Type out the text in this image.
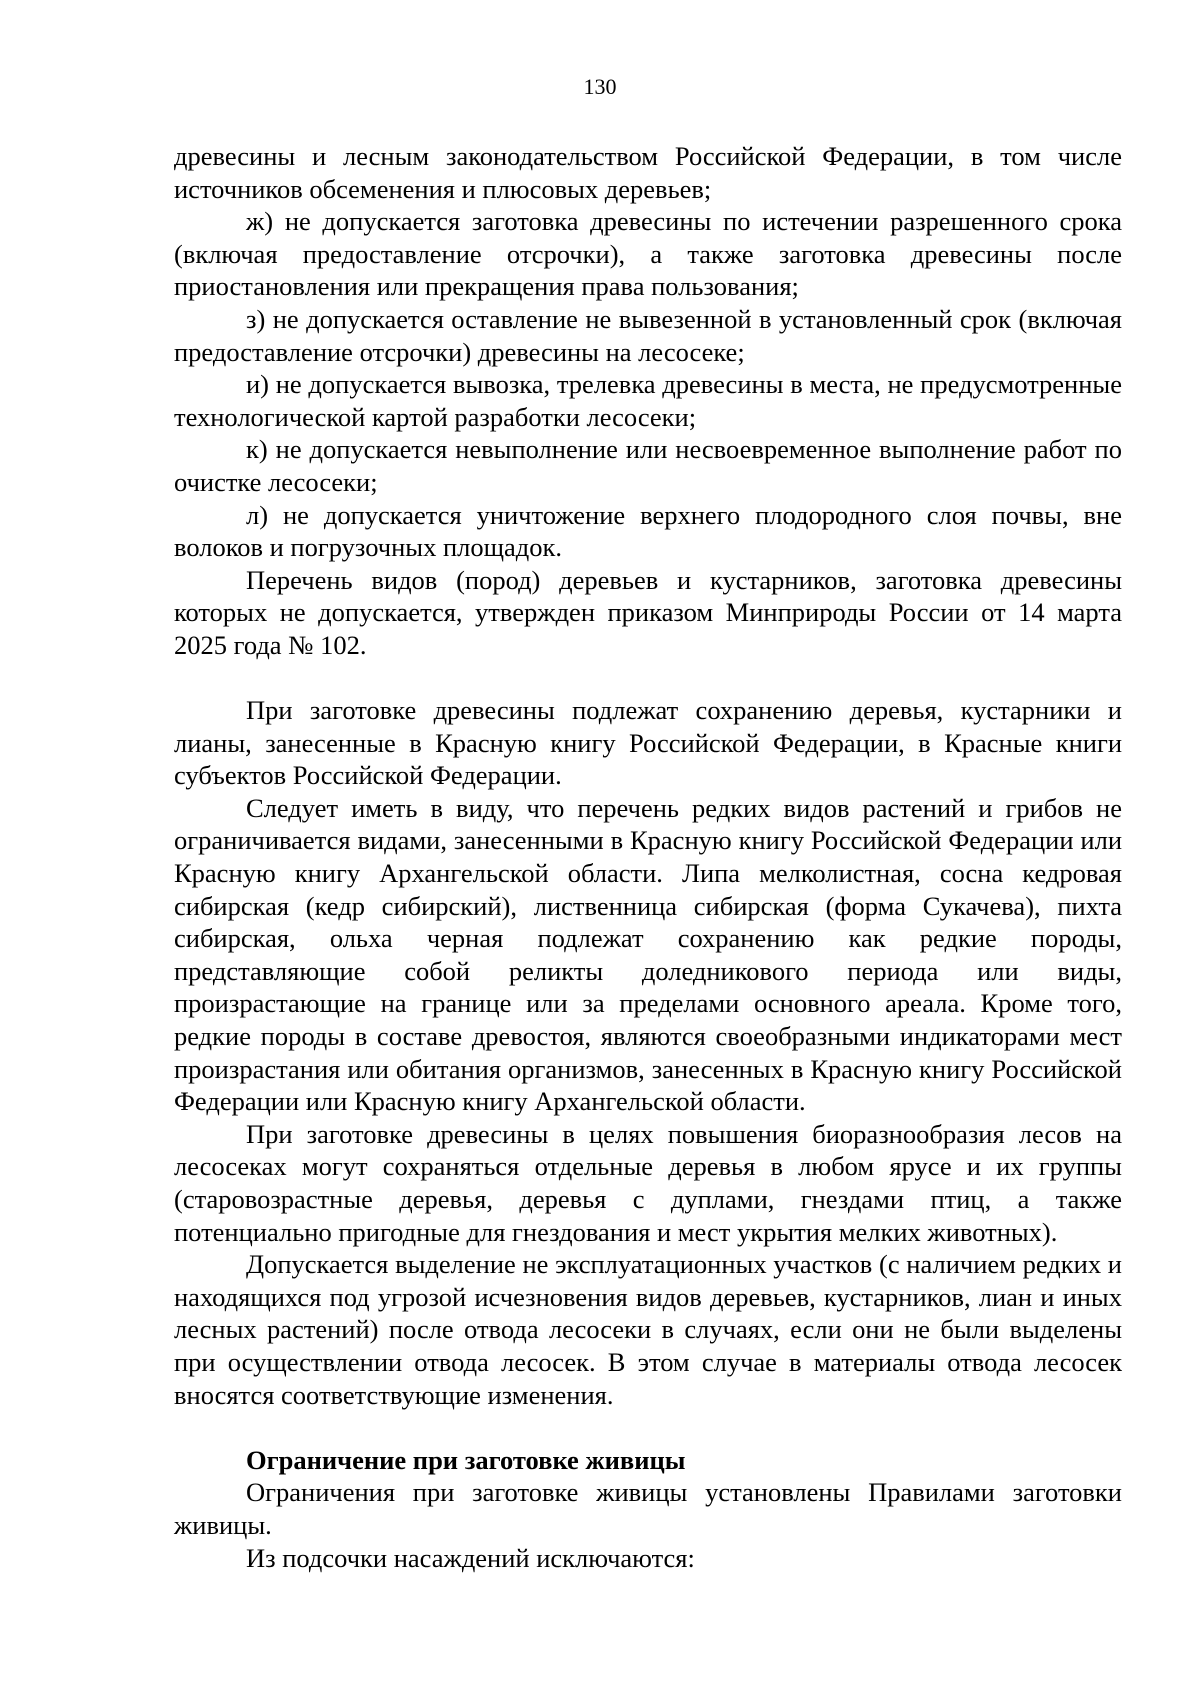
130

древесины и лесным законодательством Российской Федерации, в том числе источников обсеменения и плюсовых деревьев;

ж) не допускается заготовка древесины по истечении разрешенного срока (включая предоставление отсрочки), а также заготовка древесины после приостановления или прекращения права пользования;

з) не допускается оставление не вывезенной в установленный срок (включая предоставление отсрочки) древесины на лесосеке;

и) не допускается вывозка, трелевка древесины в места, не предусмотренные технологической картой разработки лесосеки;

к) не допускается невыполнение или несвоевременное выполнение работ по очистке лесосеки;

л) не допускается уничтожение верхнего плодородного слоя почвы, вне волоков и погрузочных площадок.

Перечень видов (пород) деревьев и кустарников, заготовка древесины которых не допускается, утвержден приказом Минприроды России от 14 марта 2025 года № 102.

При заготовке древесины подлежат сохранению деревья, кустарники и лианы, занесенные в Красную книгу Российской Федерации, в Красные книги субъектов Российской Федерации.

Следует иметь в виду, что перечень редких видов растений и грибов не ограничивается видами, занесенными в Красную книгу Российской Федерации или Красную книгу Архангельской области. Липа мелколистная, сосна кедровая сибирская (кедр сибирский), лиственница сибирская (форма Сукачева), пихта сибирская, ольха черная подлежат сохранению как редкие породы, представляющие собой реликты доледникового периода или виды, произрастающие на границе или за пределами основного ареала. Кроме того, редкие породы в составе древостоя, являются своеобразными индикаторами мест произрастания или обитания организмов, занесенных в Красную книгу Российской Федерации или Красную книгу Архангельской области.

При заготовке древесины в целях повышения биоразнообразия лесов на лесосеках могут сохраняться отдельные деревья в любом ярусе и их группы (старовозрастные деревья, деревья с дуплами, гнездами птиц, а также потенциально пригодные для гнездования и мест укрытия мелких животных).

Допускается выделение не эксплуатационных участков (с наличием редких и находящихся под угрозой исчезновения видов деревьев, кустарников, лиан и иных лесных растений) после отвода лесосеки в случаях, если они не были выделены при осуществлении отвода лесосек. В этом случае в материалы отвода лесосек вносятся соответствующие изменения.

Ограничение при заготовке живицы

Ограничения при заготовке живицы установлены Правилами заготовки живицы.

Из подсочки насаждений исключаются:
